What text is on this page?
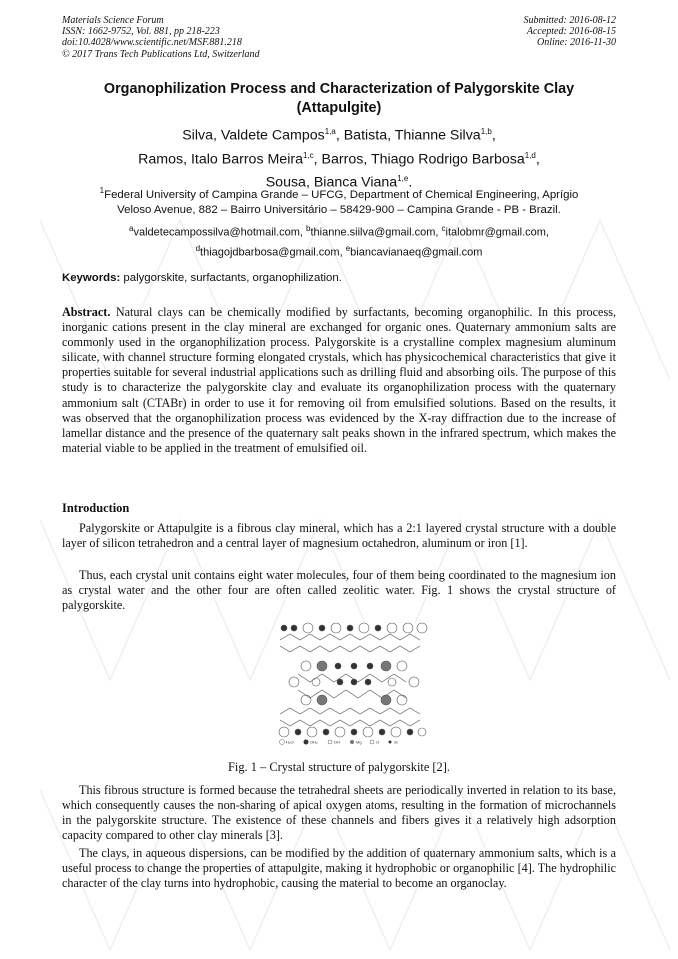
Materials Science Forum
ISSN: 1662-9752, Vol. 881, pp 218-223
doi:10.4028/www.scientific.net/MSF.881.218
© 2017 Trans Tech Publications Ltd, Switzerland
Submitted: 2016-08-12
Accepted: 2016-08-15
Online: 2016-11-30
Organophilization Process and Characterization of Palygorskite Clay
(Attapulgite)
Silva, Valdete Campos$^{1,a}$, Batista, Thianne Silva$^{1,b}$,
Ramos, Italo Barros Meira$^{1,c}$, Barros, Thiago Rodrigo Barbosa$^{1,d}$,
Sousa, Bianca Viana$^{1,e}$.
$^1$Federal University of Campina Grande – UFCG, Department of Chemical Engineering, Aprígio
Veloso Avenue, 882 – Bairro Universitário – 58429-900 – Campina Grande - PB - Brazil.
$^a$valdetecampossilva@hotmail.com, $^b$thianne.siilva@gmail.com, $^c$italobmr@gmail.com,
$^d$thiagojdbarbosa@gmail.com, $^e$biancavianaeq@gmail.com
Keywords: palygorskite, surfactants, organophilization.
Abstract. Natural clays can be chemically modified by surfactants, becoming organophilic. In this process, inorganic cations present in the clay mineral are exchanged for organic ones. Quaternary ammonium salts are commonly used in the organophilization process. Palygorskite is a crystalline complex magnesium aluminum silicate, with channel structure forming elongated crystals, which has physicochemical characteristics that give it properties suitable for several industrial applications such as drilling fluid and absorbing oils. The purpose of this study is to characterize the palygorskite clay and evaluate its organophilization process with the quaternary ammonium salt (CTABr) in order to use it for removing oil from emulsified solutions. Based on the results, it was observed that the organophilization process was evidenced by the X-ray diffraction due to the increase of lamellar distance and the presence of the quaternary salt peaks shown in the infrared spectrum, which makes the material viable to be applied in the treatment of emulsified oil.
Introduction
Palygorskite or Attapulgite is a fibrous clay mineral, which has a 2:1 layered crystal structure with a double layer of silicon tetrahedron and a central layer of magnesium octahedron, aluminum or iron [1].
Thus, each crystal unit contains eight water molecules, four of them being coordinated to the magnesium ion as crystal water and the other four are often called zeolitic water. Fig. 1 shows the crystal structure of palygorskite.
H₂O	OH₂	OH	Mg	O	Si
Fig. 1 – Crystal structure of palygorskite [2].
This fibrous structure is formed because the tetrahedral sheets are periodically inverted in relation to its base, which consequently causes the non-sharing of apical oxygen atoms, resulting in the formation of microchannels in the palygorskite structure. The existence of these channels and fibers gives it a relatively high adsorption capacity compared to other clay minerals [3].
The clays, in aqueous dispersions, can be modified by the addition of quaternary ammonium salts, which is a useful process to change the properties of attapulgite, making it hydrophobic or organophilic [4]. The hydrophilic character of the clay turns into hydrophobic, causing the material to become an organoclay.
